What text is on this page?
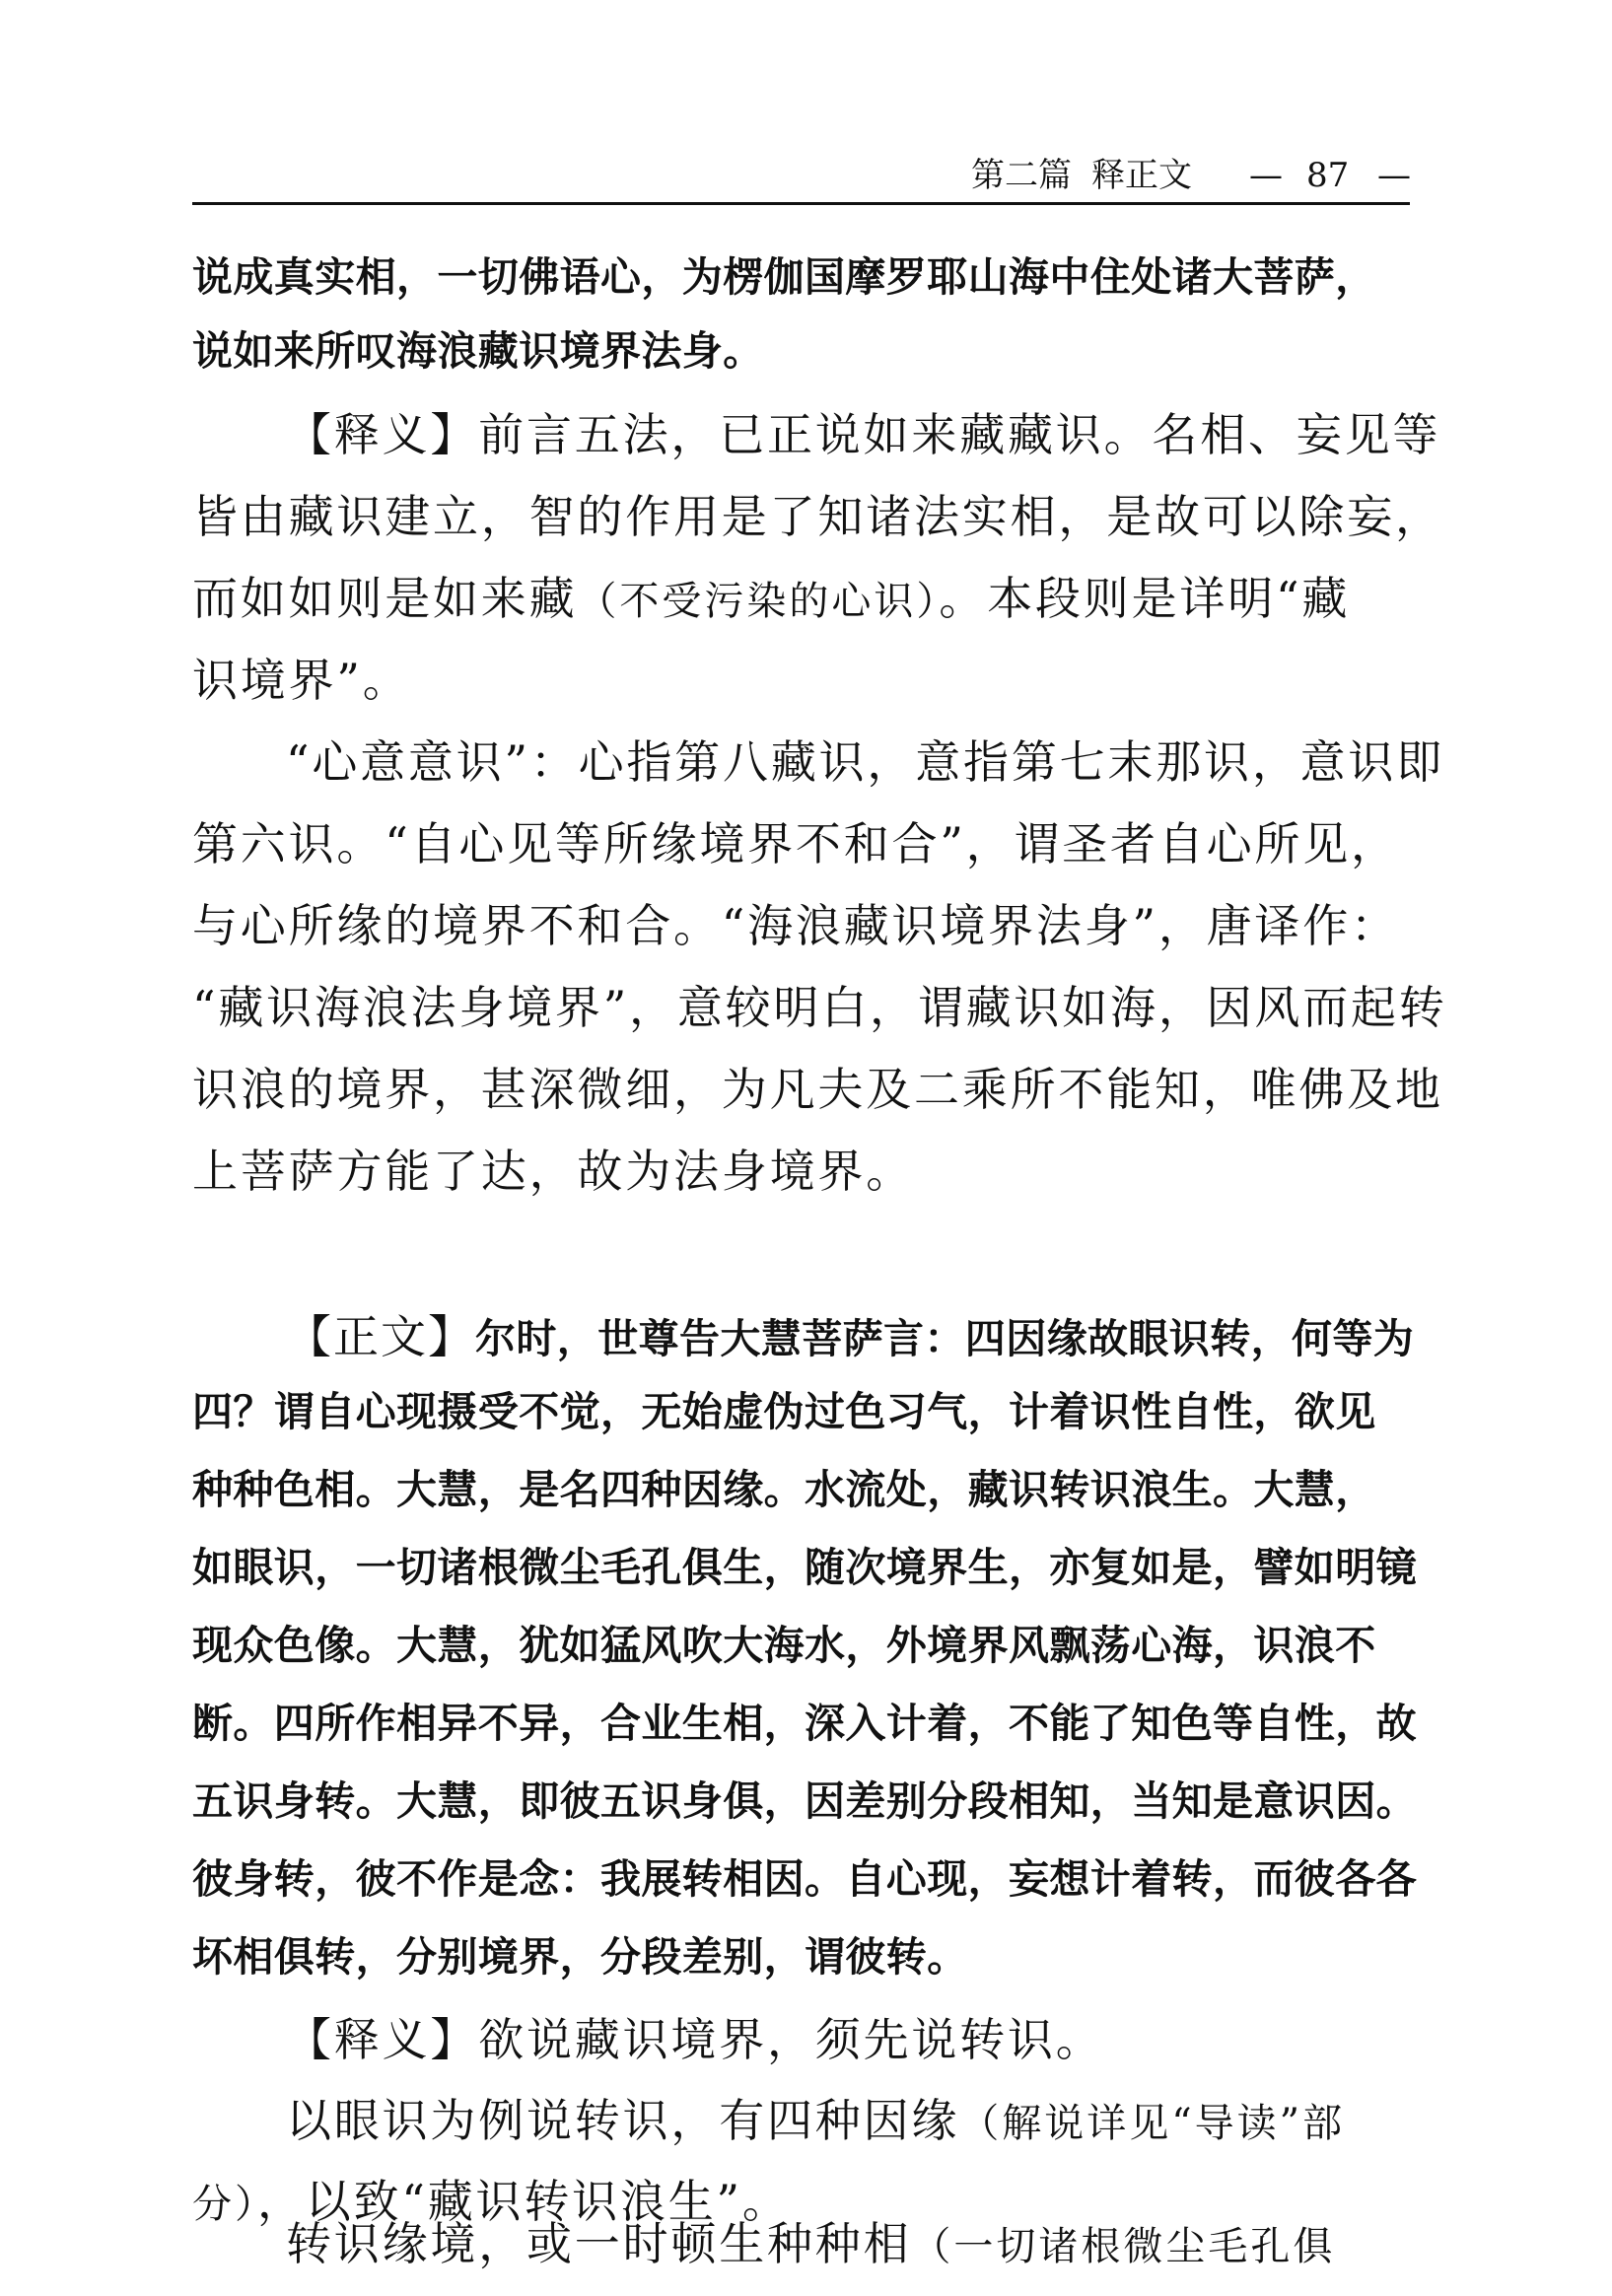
第二篇 释正文 — 87 —
说成真实相，一切佛语心，为楞伽国摩罗耶山海中住处诸大菩萨，
说如来所叹海浪藏识境界法身。
【释义】前言五法，已正说如来藏藏识。名相、妄见等
皆由藏识建立，智的作用是了知诸法实相，是故可以除妄，
而如如则是如来藏（不受污染的心识）。本段则是详明“藏
识境界”。
“心意意识”：心指第八藏识，意指第七末那识，意识即
第六识。“自心见等所缘境界不和合”，谓圣者自心所见，
与心所缘的境界不和合。“海浪藏识境界法身”，唐译作：
“藏识海浪法身境界”，意较明白，谓藏识如海，因风而起转
识浪的境界，甚深微细，为凡夫及二乘所不能知，唯佛及地
上菩萨方能了达，故为法身境界。
【正文】尔时，世尊告大慧菩萨言：四因缘故眼识转，何等为
四？谓自心现摄受不觉，无始虚伪过色习气，计着识性自性，欲见
种种色相。大慧，是名四种因缘。水流处，藏识转识浪生。大慧，
如眼识，一切诸根微尘毛孔俱生，随次境界生，亦复如是，譬如明镜
现众色像。大慧，犹如猛风吹大海水，外境界风飘荡心海，识浪不
断。四所作相异不异，合业生相，深入计着，不能了知色等自性，故
五识身转。大慧，即彼五识身俱，因差别分段相知，当知是意识因。
彼身转，彼不作是念：我展转相因。自心现，妄想计着转，而彼各各
坏相俱转，分别境界，分段差别，谓彼转。
【释义】欲说藏识境界，须先说转识。
以眼识为例说转识，有四种因缘（解说详见“导读”部
分），以致“藏识转识浪生”。
转识缘境，或一时顿生种种相（一切诸根微尘毛孔俱
